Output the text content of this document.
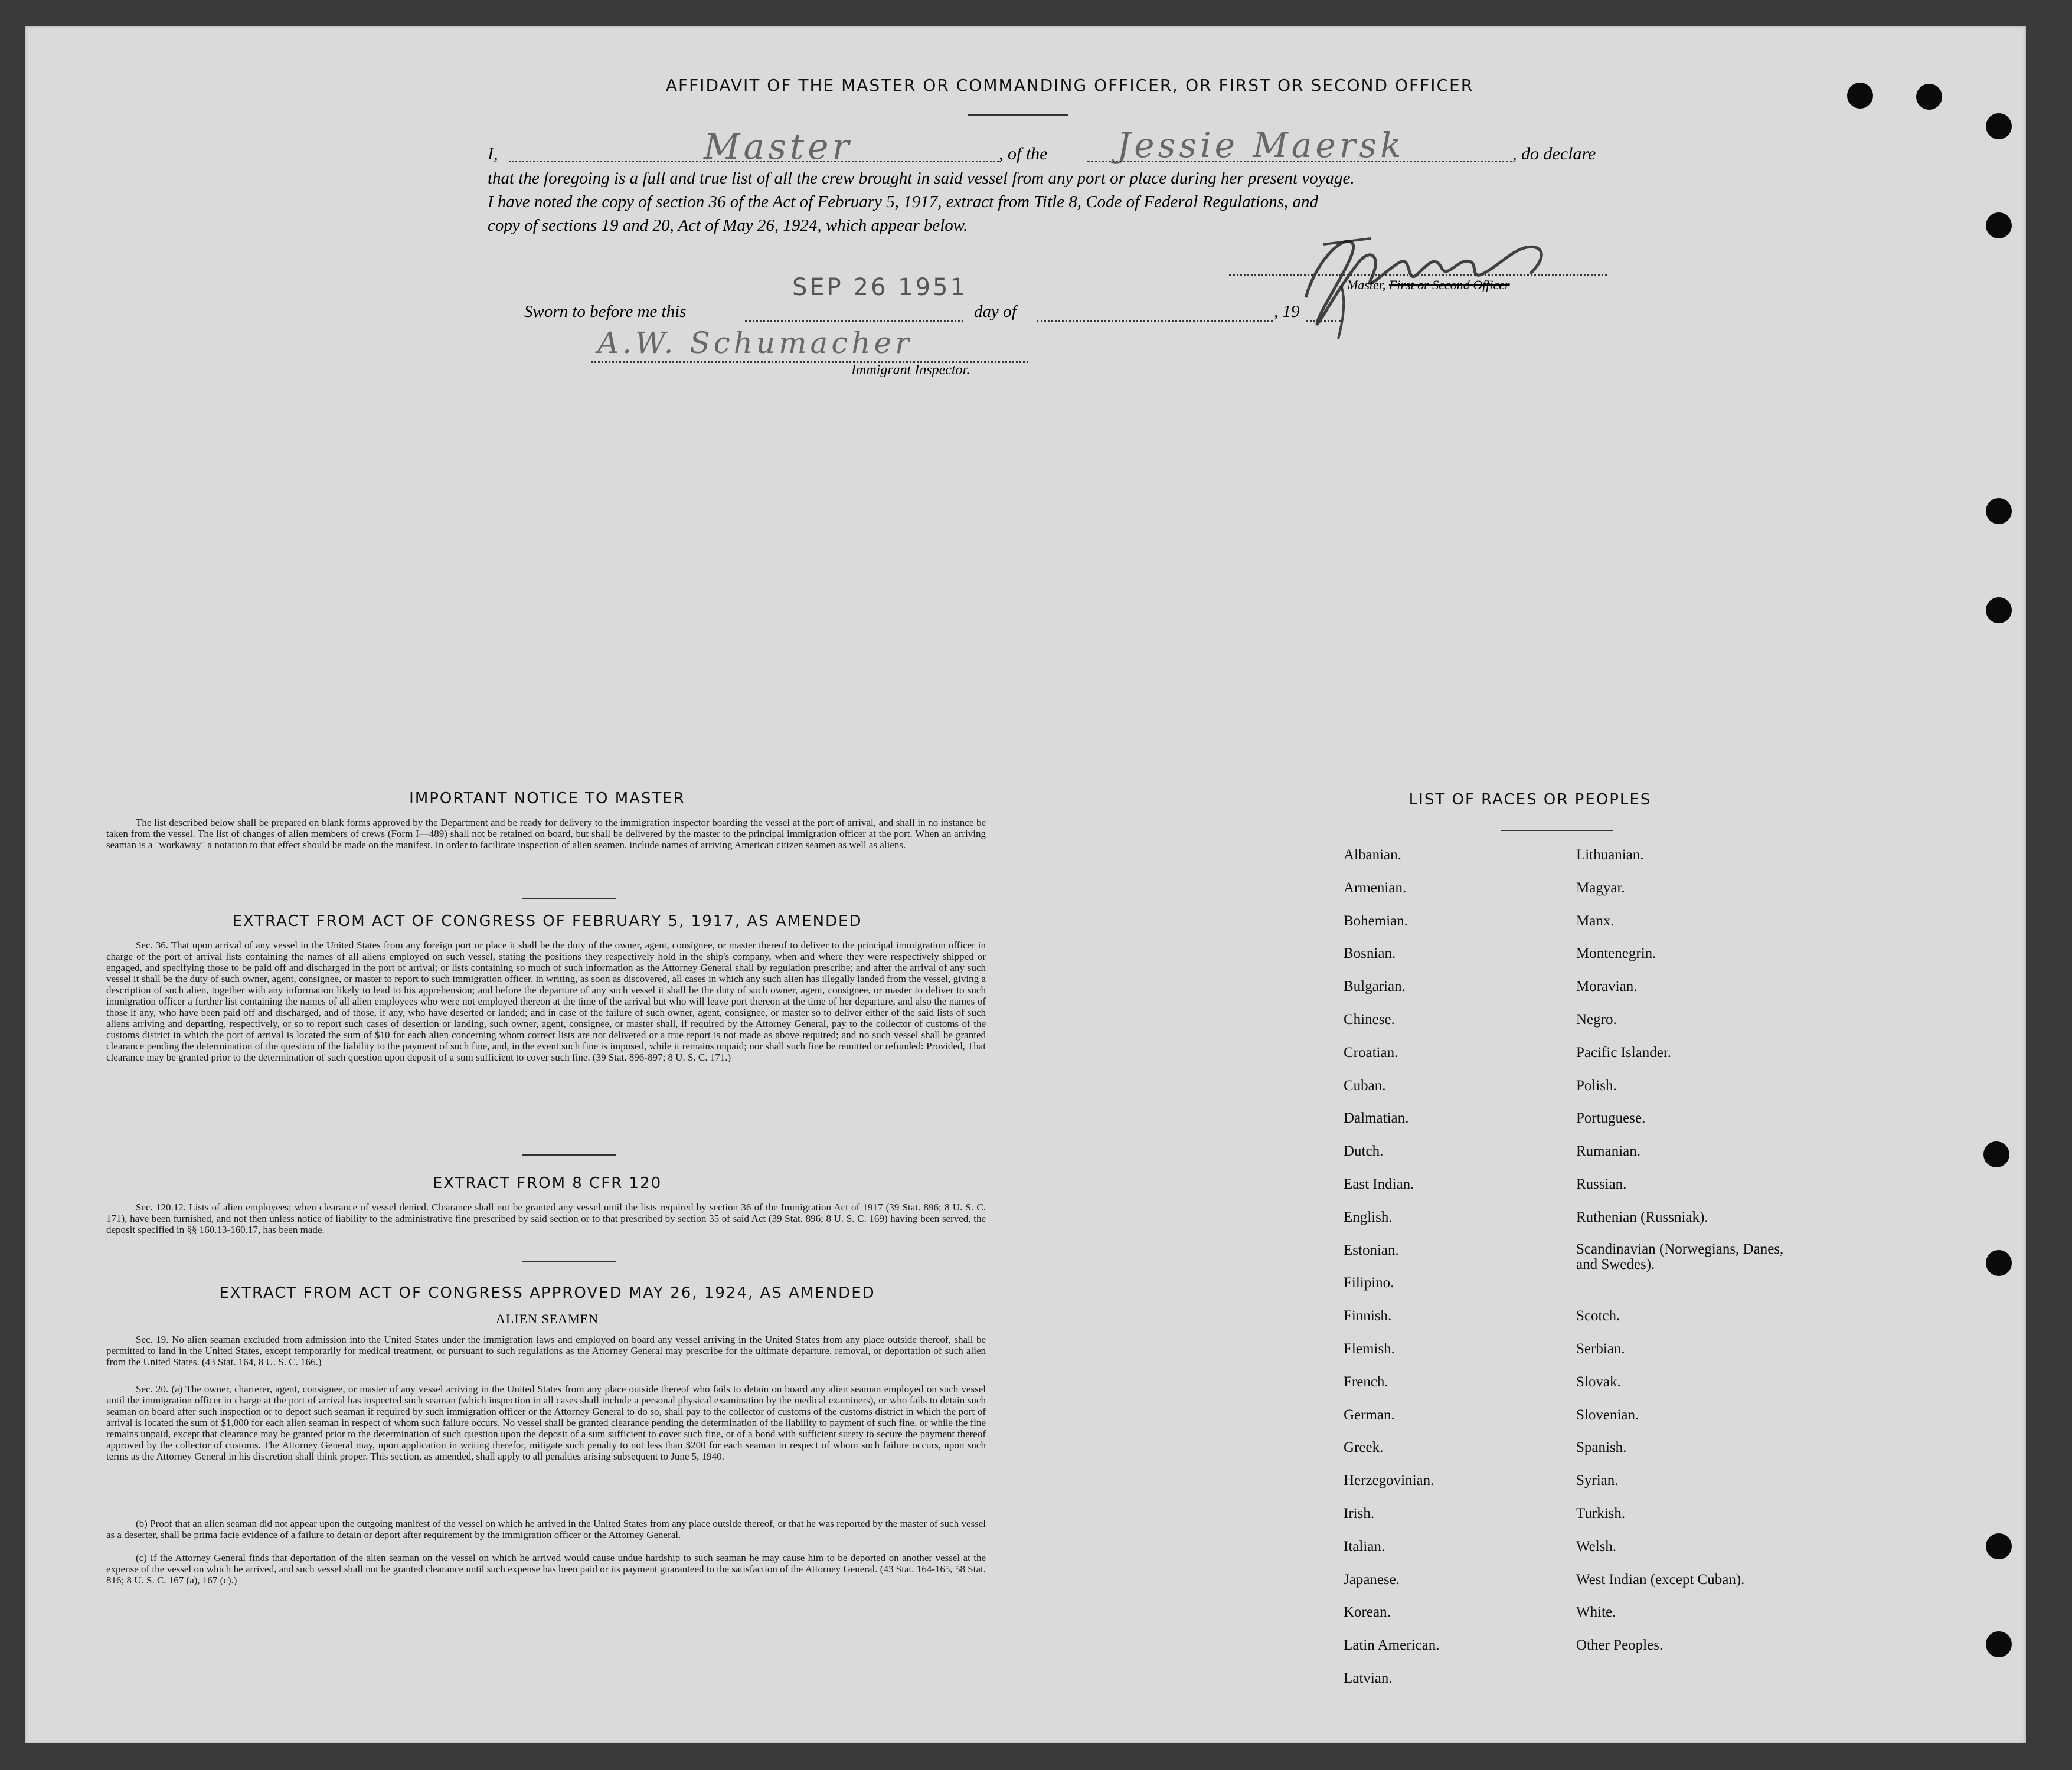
AFFIDAVIT OF THE MASTER OR COMMANDING OFFICER, OR FIRST OR SECOND OFFICER
I,	Master	, of the Jessie Maersk	, do declare
that the foregoing is a full and true list of all the crew brought in said vessel from any port or place during her present voyage.
I have noted the copy of section 36 of the Act of February 5, 1917, extract from Title 8, Code of Federal Regulations, and
copy of sections 19 and 20, Act of May 26, 1924, which appear below.
Master, First or Second Officer
Sworn to before me this
SEP 26 1951
day of	, 19
A.W. Schumacher
Immigrant Inspector.
IMPORTANT NOTICE TO MASTER

The list described below shall be prepared on blank forms approved by the Department and be ready for delivery to the immigration inspector boarding the vessel at the port of arrival, and shall in no instance be taken from the vessel. The list of changes of alien members of crews (Form I—489) shall not be retained on board, but shall be delivered by the master to the principal immigration officer at the port. When an arriving seaman is a "workaway" a notation to that effect should be made on the manifest. In order to facilitate inspection of alien seamen, include names of arriving American citizen seamen as well as aliens.

EXTRACT FROM ACT OF CONGRESS OF FEBRUARY 5, 1917, AS AMENDED

Sec. 36. That upon arrival of any vessel in the United States from any foreign port or place it shall be the duty of the owner, agent, consignee, or master thereof to deliver to the principal immigration officer in charge of the port of arrival lists containing the names of all aliens employed on such vessel, stating the positions they respectively hold in the ship's company, when and where they were respectively shipped or engaged, and specifying those to be paid off and discharged in the port of arrival; or lists containing so much of such information as the Attorney General shall by regulation prescribe; and after the arrival of any such vessel it shall be the duty of such owner, agent, consignee, or master to report to such immigration officer, in writing, as soon as discovered, all cases in which any such alien has illegally landed from the vessel, giving a description of such alien, together with any information likely to lead to his apprehension; and before the departure of any such vessel it shall be the duty of such owner, agent, consignee, or master to deliver to such immigration officer a further list containing the names of all alien employees who were not employed thereon at the time of the arrival but who will leave port thereon at the time of her departure, and also the names of those if any, who have been paid off and discharged, and of those, if any, who have deserted or landed; and in case of the failure of such owner, agent, consignee, or master so to deliver either of the said lists of such aliens arriving and departing, respectively, or so to report such cases of desertion or landing, such owner, agent, consignee, or master shall, if required by the Attorney General, pay to the collector of customs of the customs district in which the port of arrival is located the sum of $10 for each alien concerning whom correct lists are not delivered or a true report is not made as above required; and no such vessel shall be granted clearance pending the determination of the question of the liability to the payment of such fine, and, in the event such fine is imposed, while it remains unpaid; nor shall such fine be remitted or refunded: Provided, That clearance may be granted prior to the determination of such question upon deposit of a sum sufficient to cover such fine. (39 Stat. 896-897; 8 U. S. C. 171.)

EXTRACT FROM 8 CFR 120

Sec. 120.12. Lists of alien employees; when clearance of vessel denied. Clearance shall not be granted any vessel until the lists required by section 36 of the Immigration Act of 1917 (39 Stat. 896; 8 U. S. C. 171), have been furnished, and not then unless notice of liability to the administrative fine prescribed by said section or to that prescribed by section 35 of said Act (39 Stat. 896; 8 U. S. C. 169) having been served, the deposit specified in §§ 160.13-160.17, has been made.

EXTRACT FROM ACT OF CONGRESS APPROVED MAY 26, 1924, AS AMENDED
ALIEN SEAMEN

Sec. 19. No alien seaman excluded from admission into the United States under the immigration laws and employed on board any vessel arriving in the United States from any place outside thereof, shall be permitted to land in the United States, except temporarily for medical treatment, or pursuant to such regulations as the Attorney General may prescribe for the ultimate departure, removal, or deportation of such alien from the United States. (43 Stat. 164, 8 U. S. C. 166.)

Sec. 20. (a) The owner, charterer, agent, consignee, or master of any vessel arriving in the United States from any place outside thereof who fails to detain on board any alien seaman employed on such vessel until the immigration officer in charge at the port of arrival has inspected such seaman (which inspection in all cases shall include a personal physical examination by the medical examiners), or who fails to detain such seaman on board after such inspection or to deport such seaman if required by such immigration officer or the Attorney General to do so, shall pay to the collector of customs of the customs district in which the port of arrival is located the sum of $1,000 for each alien seaman in respect of whom such failure occurs. No vessel shall be granted clearance pending the determination of the liability to payment of such fine, or while the fine remains unpaid, except that clearance may be granted prior to the determination of such question upon the deposit of a sum sufficient to cover such fine, or of a bond with sufficient surety to secure the payment thereof approved by the collector of customs. The Attorney General may, upon application in writing therefor, mitigate such penalty to not less than $200 for each seaman in respect of whom such failure occurs, upon such terms as the Attorney General in his discretion shall think proper. This section, as amended, shall apply to all penalties arising subsequent to June 5, 1940.

(b) Proof that an alien seaman did not appear upon the outgoing manifest of the vessel on which he arrived in the United States from any place outside thereof, or that he was reported by the master of such vessel as a deserter, shall be prima facie evidence of a failure to detain or deport after requirement by the immigration officer or the Attorney General.

(c) If the Attorney General finds that deportation of the alien seaman on the vessel on which he arrived would cause undue hardship to such seaman he may cause him to be deported on another vessel at the expense of the vessel on which he arrived, and such vessel shall not be granted clearance until such expense has been paid or its payment guaranteed to the satisfaction of the Attorney General. (43 Stat. 164-165, 58 Stat. 816; 8 U. S. C. 167 (a), 167 (c).)

LIST OF RACES OR PEOPLES
Albanian.
Armenian.
Bohemian.
Bosnian.
Bulgarian.
Chinese.
Croatian.
Cuban.
Dalmatian.
Dutch.
East Indian.
English.
Estonian.
Filipino.
Finnish.
Flemish.
French.
German.
Greek.
Herzegovinian.
Irish.
Italian.
Japanese.
Korean.
Latin American.
Latvian.
Lithuanian.
Magyar.
Manx.
Montenegrin.
Moravian.
Negro.
Pacific Islander.
Polish.
Portuguese.
Rumanian.
Russian.
Ruthenian (Russniak).
Scandinavian (Norwegians, Danes, and Swedes).
Scotch.
Serbian.
Slovak.
Slovenian.
Spanish.
Syrian.
Turkish.
Welsh.
West Indian (except Cuban).
White.
Other Peoples.
